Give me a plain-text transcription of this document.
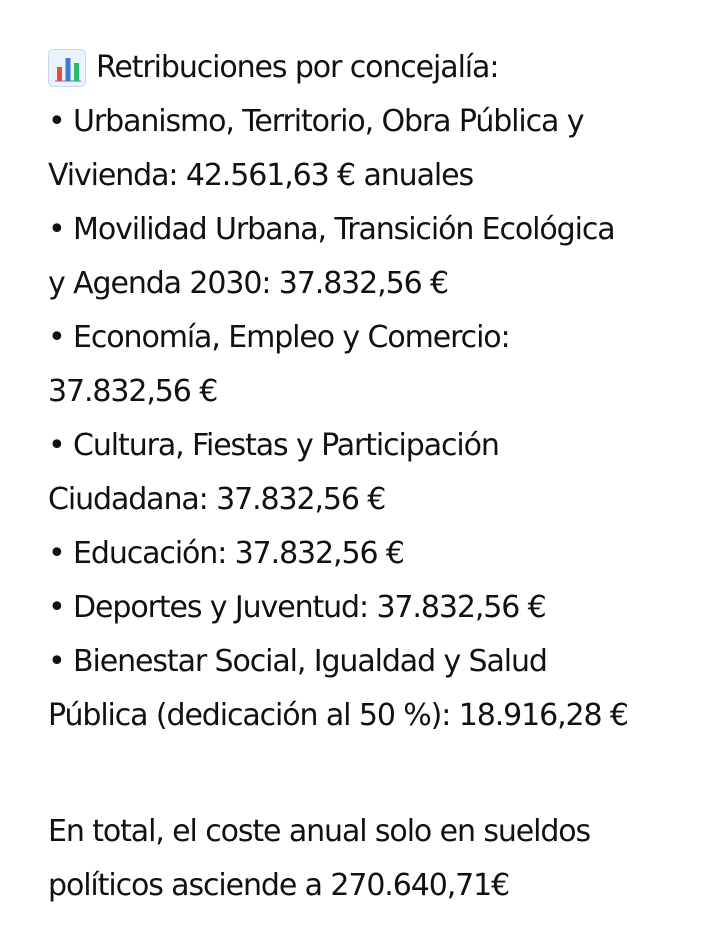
Retribuciones por concejalía:
• Urbanismo, Territorio, Obra Pública y
Vivienda: 42.561,63 € anuales
• Movilidad Urbana, Transición Ecológica
y Agenda 2030: 37.832,56 €
• Economía, Empleo y Comercio:
37.832,56 €
• Cultura, Fiestas y Participación
Ciudadana: 37.832,56 €
• Educación: 37.832,56 €
• Deportes y Juventud: 37.832,56 €
• Bienestar Social, Igualdad y Salud
Pública (dedicación al 50 %): 18.916,28 €
En total, el coste anual solo en sueldos
políticos asciende a 270.640,71€
